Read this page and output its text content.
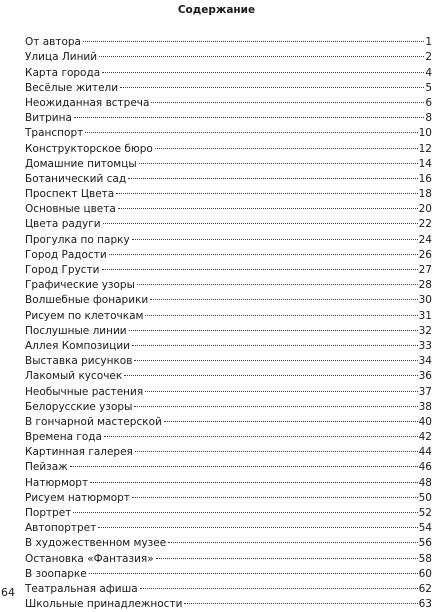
Содержание
От автора	1
Улица Линий	2
Карта города	4
Весёлые жители	5
Неожиданная встреча	6
Витрина	8
Транспорт	10
Конструкторское бюро	12
Домашние питомцы	14
Ботанический сад	16
Проспект Цвета	18
Основные цвета	20
Цвета радуги	22
Прогулка по парку	24
Город Радости	26
Город Грусти	27
Графические узоры	28
Волшебные фонарики	30
Рисуем по клеточкам	31
Послушные линии	32
Аллея Композиции	33
Выставка рисунков	34
Лакомый кусочек	36
Необычные растения	37
Белорусские узоры	38
В гончарной мастерской	40
Времена года	42
Картинная галерея	44
Пейзаж	46
Натюрморт	48
Рисуем натюрморт	50
Портрет	52
Автопортрет	54
В художественном музее	56
Остановка «Фантазия»	58
В зоопарке	60
Театральная афиша	62
Школьные принадлежности	63
64
